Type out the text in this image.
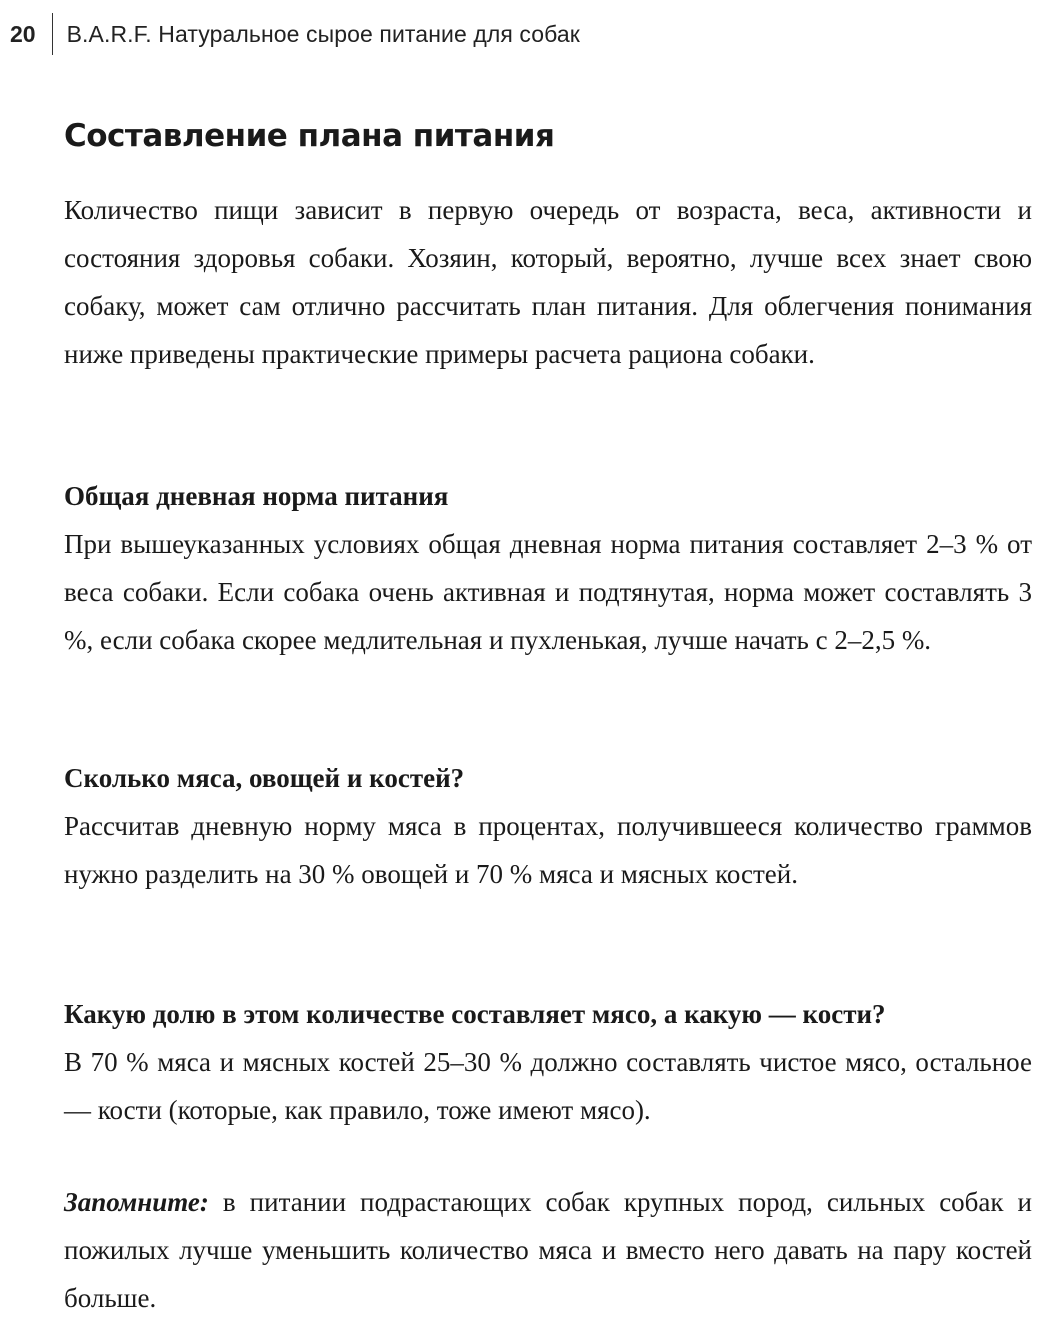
20 B.A.R.F. Натуральное сырое питание для собак
Составление плана питания

Количество пищи зависит в первую очередь от возраста, веса, активности и состояния здоровья собаки. Хозяин, который, вероятно, лучше всех знает свою собаку, может сам отлично рассчитать план питания. Для облегчения понимания ниже приведены практические примеры расчета рациона собаки.

Общая дневная норма питания
При вышеуказанных условиях общая дневная норма питания составляет 2–3 % от веса собаки. Если собака очень активная и подтянутая, норма может составлять 3 %, если собака скорее медлительная и пухленькая, лучше начать с 2–2,5 %.
Сколько мяса, овощей и костей?
Рассчитав дневную норму мяса в процентах, получившееся количество граммов нужно разделить на 30 % овощей и 70 % мяса и мясных костей.
Какую долю в этом количестве составляет мясо, а какую — кости?
В 70 % мяса и мясных костей 25–30 % должно составлять чистое мясо, остальное — кости (которые, как правило, тоже имеют мясо).

Запомните: в питании подрастающих собак крупных пород, сильных собак и пожилых лучше уменьшить количество мяса и вместо него давать на пару костей больше.
